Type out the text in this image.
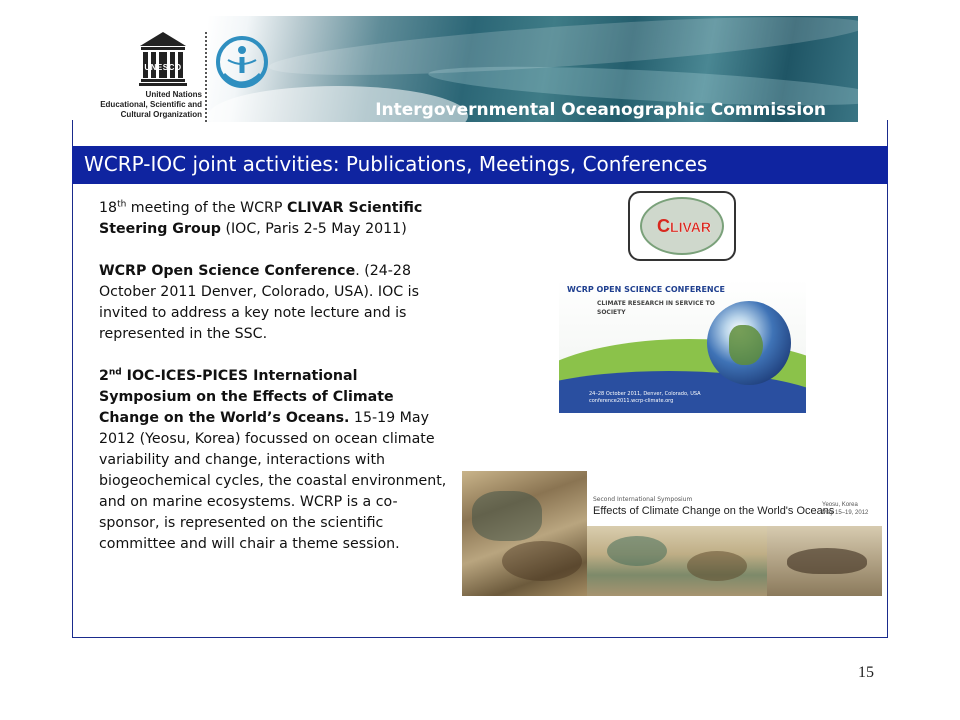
Intergovernmental Oceanographic Commission
UNESCO
United Nations
Educational, Scientific and
Cultural Organization
WCRP-IOC joint activities: Publications, Meetings, Conferences

18th meeting of the WCRP CLIVAR Scientific Steering Group (IOC, Paris 2-5 May 2011)

WCRP Open Science Conference. (24-28 October 2011 Denver, Colorado, USA). IOC is invited to address a key note lecture and is represented in the SSC.

2nd IOC-ICES-PICES International Symposium on the Effects of Climate Change on the World’s Oceans. 15-19 May 2012 (Yeosu, Korea) focussed on ocean climate variability and change, interactions with biogeochemical cycles, the coastal environment, and on marine ecosystems. WCRP is a co-sponsor, is represented on the scientific committee and will chair a theme session.

CLIVAR
WCRP OPEN SCIENCE CONFERENCE
CLIMATE RESEARCH IN SERVICE TO SOCIETY
24–28 October 2011, Denver, Colorado, USA conference2011.wcrp-climate.org
Second International Symposium
Effects of Climate Change on the World's Oceans
Yeosu, Korea
May 15–19, 2012
15
